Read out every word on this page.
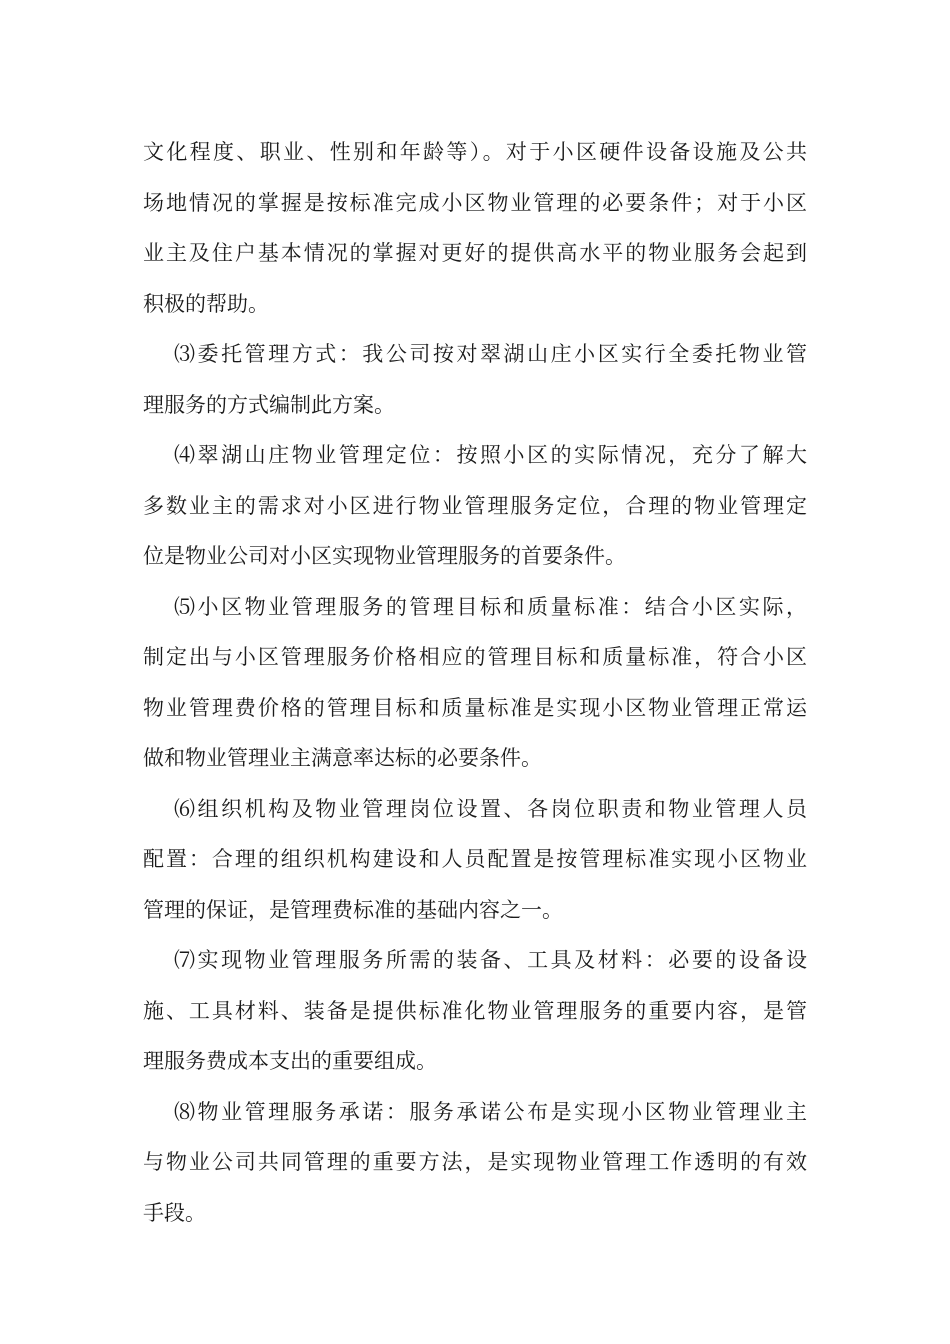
文化程度、职业、性别和年龄等）。对于小区硬件设备设施及公共
场地情况的掌握是按标准完成小区物业管理的必要条件；对于小区
业主及住户基本情况的掌握对更好的提供高水平的物业服务会起到
积极的帮助。
⑶委托管理方式：我公司按对翠湖山庄小区实行全委托物业管
理服务的方式编制此方案。
⑷翠湖山庄物业管理定位：按照小区的实际情况，充分了解大
多数业主的需求对小区进行物业管理服务定位，合理的物业管理定
位是物业公司对小区实现物业管理服务的首要条件。
⑸小区物业管理服务的管理目标和质量标准：结合小区实际，
制定出与小区管理服务价格相应的管理目标和质量标准，符合小区
物业管理费价格的管理目标和质量标准是实现小区物业管理正常运
做和物业管理业主满意率达标的必要条件。
⑹组织机构及物业管理岗位设置、各岗位职责和物业管理人员
配置：合理的组织机构建设和人员配置是按管理标准实现小区物业
管理的保证，是管理费标准的基础内容之一。
⑺实现物业管理服务所需的装备、工具及材料：必要的设备设
施、工具材料、装备是提供标准化物业管理服务的重要内容，是管
理服务费成本支出的重要组成。
⑻物业管理服务承诺：服务承诺公布是实现小区物业管理业主
与物业公司共同管理的重要方法，是实现物业管理工作透明的有效
手段。
